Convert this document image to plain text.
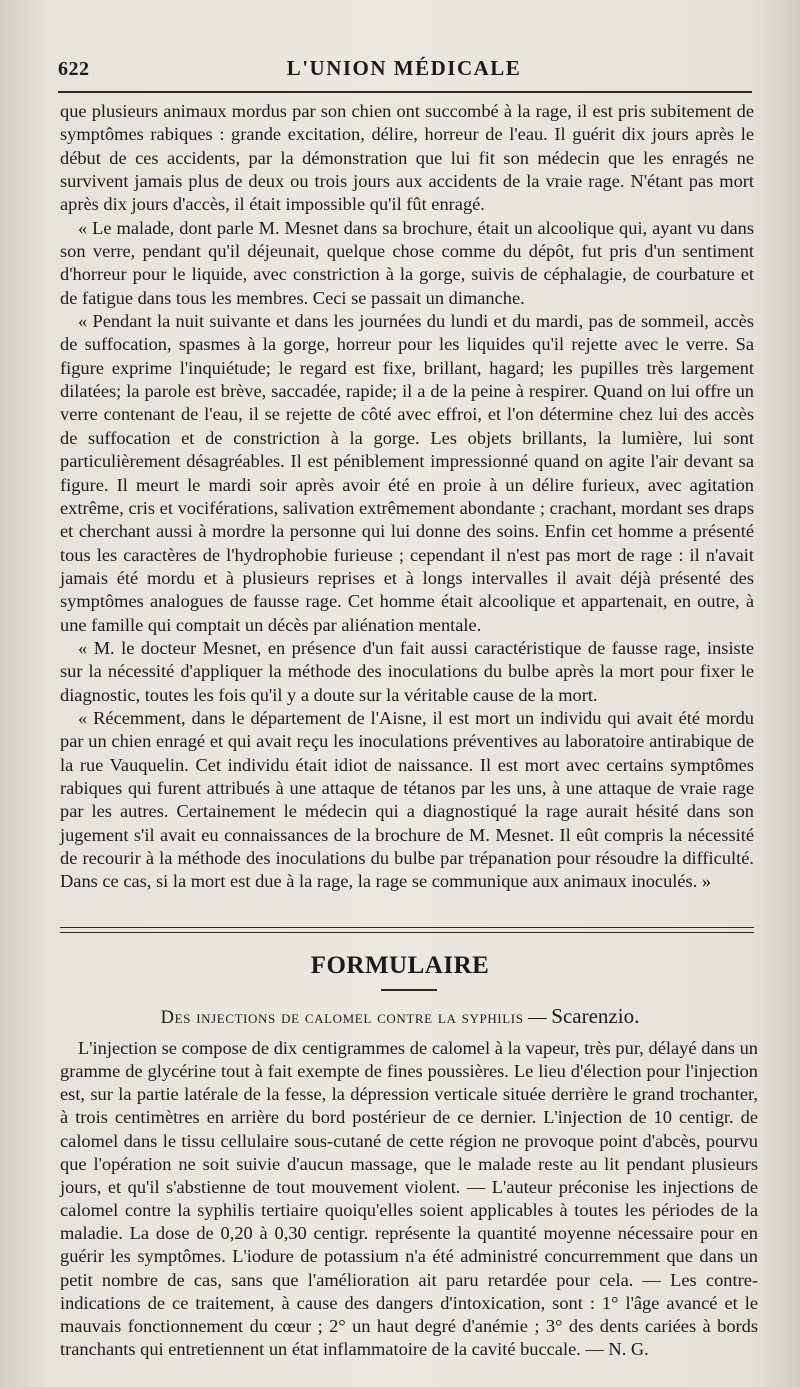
622	L'UNION MÉDICALE

que plusieurs animaux mordus par son chien ont succombé à la rage, il est pris subitement de symptômes rabiques : grande excitation, délire, horreur de l'eau. Il guérit dix jours après le début de ces accidents, par la démonstration que lui fit son médecin que les enragés ne survivent jamais plus de deux ou trois jours aux accidents de la vraie rage. N'étant pas mort après dix jours d'accès, il était impossible qu'il fût enragé.

« Le malade, dont parle M. Mesnet dans sa brochure, était un alcoolique qui, ayant vu dans son verre, pendant qu'il déjeunait, quelque chose comme du dépôt, fut pris d'un sentiment d'horreur pour le liquide, avec constriction à la gorge, suivis de céphalagie, de courbature et de fatigue dans tous les membres. Ceci se passait un dimanche.

« Pendant la nuit suivante et dans les journées du lundi et du mardi, pas de sommeil, accès de suffocation, spasmes à la gorge, horreur pour les liquides qu'il rejette avec le verre. Sa figure exprime l'inquiétude; le regard est fixe, brillant, hagard; les pupilles très largement dilatées; la parole est brève, saccadée, rapide; il a de la peine à respirer. Quand on lui offre un verre contenant de l'eau, il se rejette de côté avec effroi, et l'on détermine chez lui des accès de suffocation et de constriction à la gorge. Les objets brillants, la lumière, lui sont particulièrement désagréables. Il est péniblement impressionné quand on agite l'air devant sa figure. Il meurt le mardi soir après avoir été en proie à un délire furieux, avec agitation extrême, cris et vociférations, salivation extrêmement abondante ; crachant, mordant ses draps et cherchant aussi à mordre la personne qui lui donne des soins. Enfin cet homme a présenté tous les caractères de l'hydrophobie furieuse ; cependant il n'est pas mort de rage : il n'avait jamais été mordu et à plusieurs reprises et à longs intervalles il avait déjà présenté des symptômes analogues de fausse rage. Cet homme était alcoolique et appartenait, en outre, à une famille qui comptait un décès par aliénation mentale.

« M. le docteur Mesnet, en présence d'un fait aussi caractéristique de fausse rage, insiste sur la nécessité d'appliquer la méthode des inoculations du bulbe après la mort pour fixer le diagnostic, toutes les fois qu'il y a doute sur la véritable cause de la mort.

« Récemment, dans le département de l'Aisne, il est mort un individu qui avait été mordu par un chien enragé et qui avait reçu les inoculations préventives au laboratoire antirabique de la rue Vauquelin. Cet individu était idiot de naissance. Il est mort avec certains symptômes rabiques qui furent attribués à une attaque de tétanos par les uns, à une attaque de vraie rage par les autres. Certainement le médecin qui a diagnostiqué la rage aurait hésité dans son jugement s'il avait eu connaissances de la brochure de M. Mesnet. Il eût compris la nécessité de recourir à la méthode des inoculations du bulbe par trépanation pour résoudre la difficulté. Dans ce cas, si la mort est due à la rage, la rage se communique aux animaux inoculés. »

FORMULAIRE
Des injections de calomel contre la syphilis — Scarenzio.

L'injection se compose de dix centigrammes de calomel à la vapeur, très pur, délayé dans un gramme de glycérine tout à fait exempte de fines poussières. Le lieu d'élection pour l'injection est, sur la partie latérale de la fesse, la dépression verticale située derrière le grand trochanter, à trois centimètres en arrière du bord postérieur de ce dernier. L'injection de 10 centigr. de calomel dans le tissu cellulaire sous-cutané de cette région ne provoque point d'abcès, pourvu que l'opération ne soit suivie d'aucun massage, que le malade reste au lit pendant plusieurs jours, et qu'il s'abstienne de tout mouvement violent. — L'auteur préconise les injections de calomel contre la syphilis tertiaire quoiqu'elles soient applicables à toutes les périodes de la maladie. La dose de 0,20 à 0,30 centigr. représente la quantité moyenne nécessaire pour en guérir les symptômes. L'iodure de potassium n'a été administré concurremment que dans un petit nombre de cas, sans que l'amélioration ait paru retardée pour cela. — Les contre-indications de ce traitement, à cause des dangers d'intoxication, sont : 1° l'âge avancé et le mauvais fonctionnement du cœur ; 2° un haut degré d'anémie ; 3° des dents cariées à bords tranchants qui entretiennent un état inflammatoire de la cavité buccale. — N. G.
